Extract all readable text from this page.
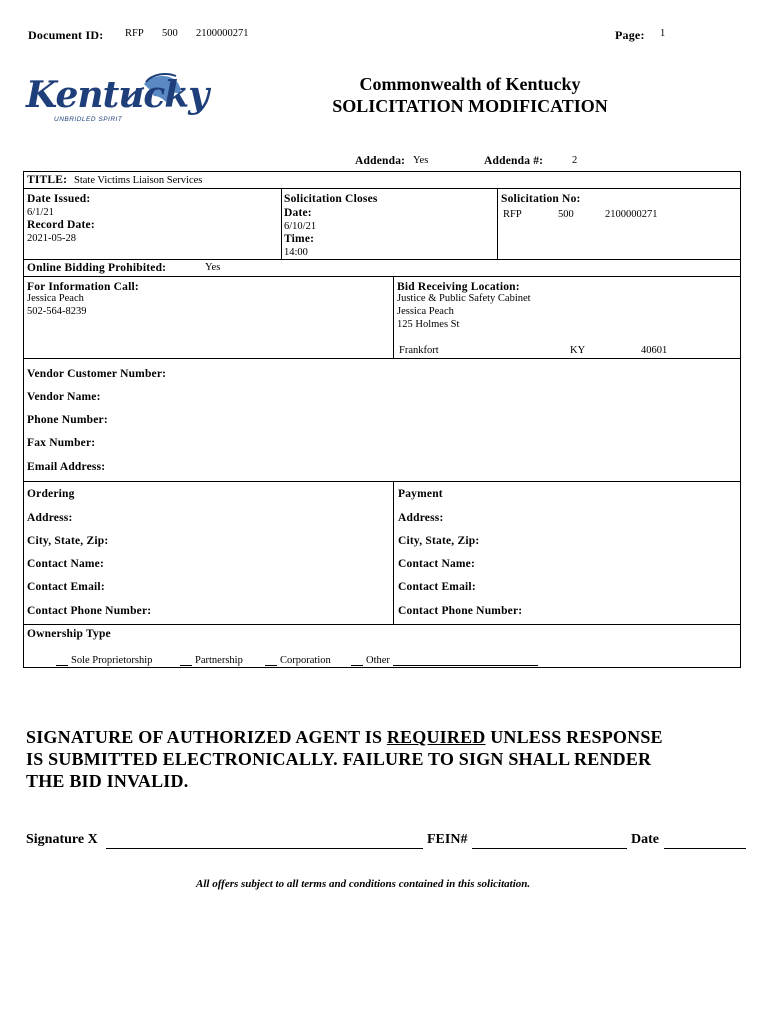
Document ID: RFP 500 2100000271	Page: 1
Kentucky
UNBRIDLED SPIRIT
Commonwealth of Kentucky
SOLICITATION MODIFICATION
Addenda: Yes	Addenda #:	2
TITLE: State Victims Liaison Services
Date Issued:
6/1/21
Record Date:
2021-05-28
Solicitation Closes
Date:
6/10/21
Time:
14:00
Solicitation No:
RFP	500	2100000271
Online Bidding Prohibited:	Yes
For Information Call:
Jessica Peach
502-564-8239
Bid Receiving Location:
Justice & Public Safety Cabinet
Jessica Peach
125 Holmes St
Frankfort	KY	40601
Vendor Customer Number:
Vendor Name:
Phone Number:
Fax Number:
Email Address:
Ordering
Address:
City, State, Zip:
Contact Name:
Contact Email:
Contact Phone Number:
Payment
Address:
City, State, Zip:
Contact Name:
Contact Email:
Contact Phone Number:
Ownership Type
Sole Proprietorship	Partnership	Corporation	Other
SIGNATURE OF AUTHORIZED AGENT IS REQUIRED UNLESS RESPONSE
IS SUBMITTED ELECTRONICALLY. FAILURE TO SIGN SHALL RENDER
THE BID INVALID.
Signature X	FEIN#	Date
All offers subject to all terms and conditions contained in this solicitation.
